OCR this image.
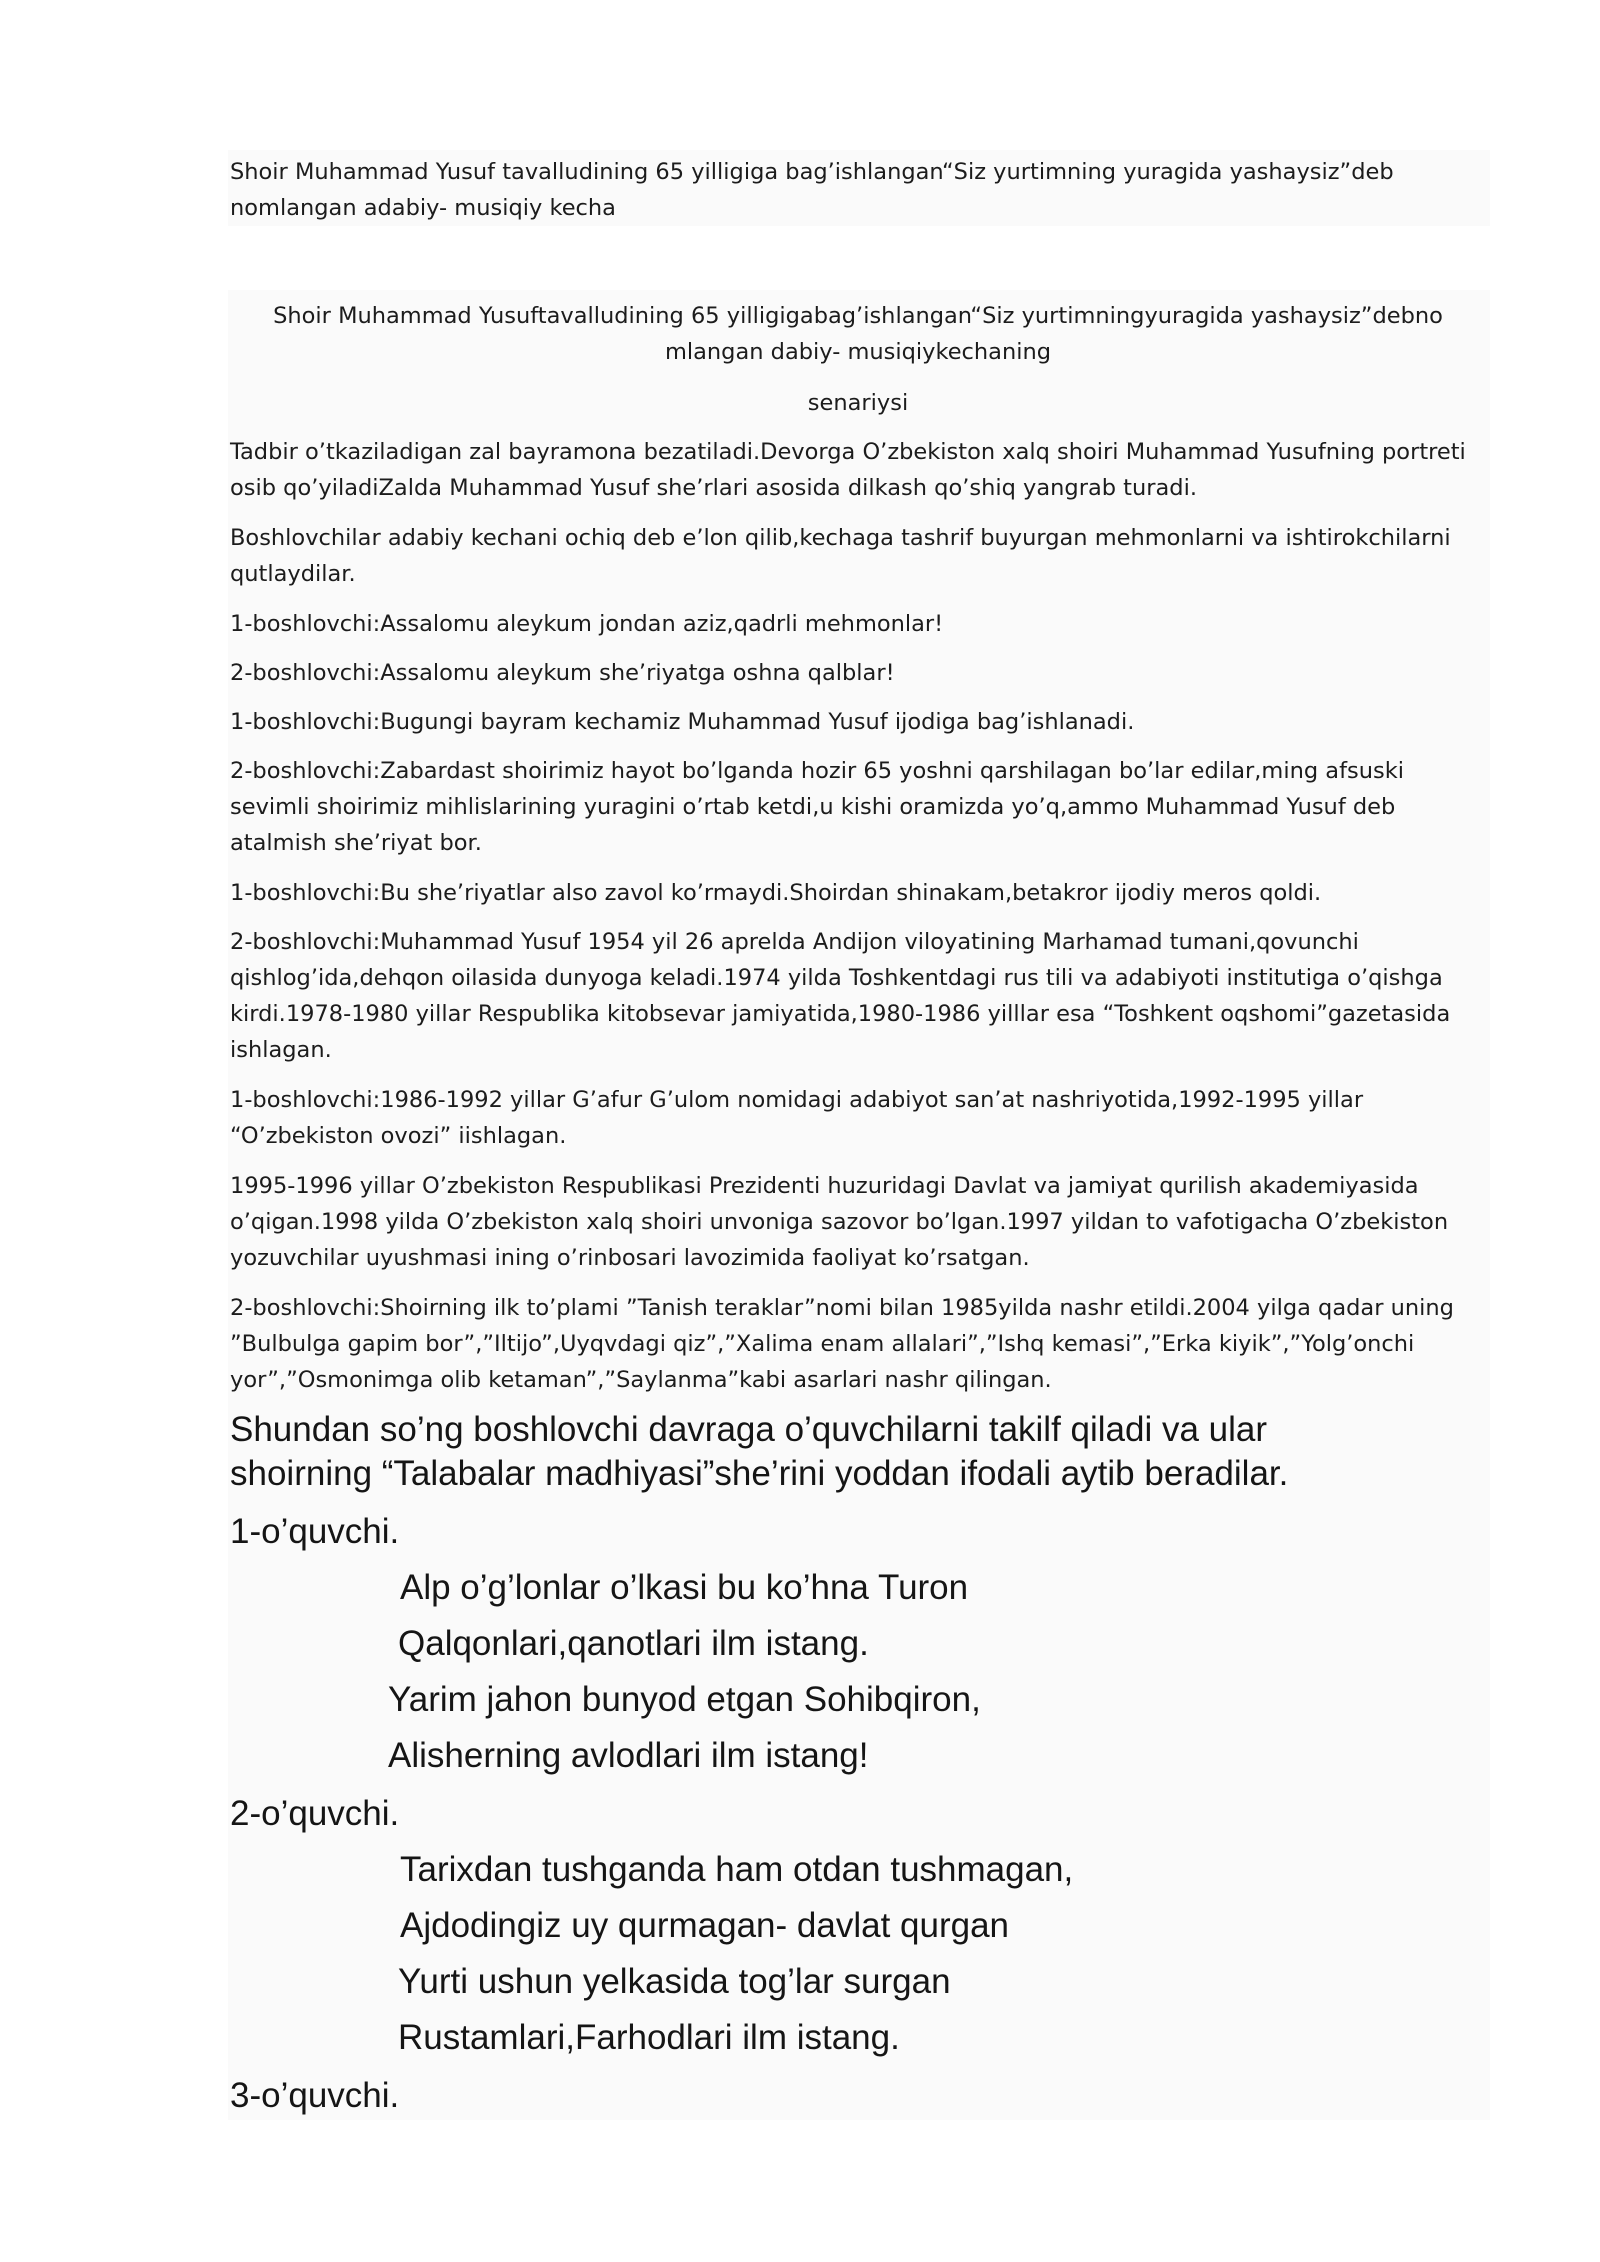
Shoir Muhammad Yusuf tavalludining 65 yilligiga bag’ishlangan“Siz yurtimning yuragida yashaysiz”deb nomlangan adabiy- musiqiy kecha

Shoir Muhammad Yusuftavalludining 65 yilligigabag’ishlangan“Siz yurtimningyuragida yashaysiz”debno mlangan dabiy- musiqiykechaning

senariysi

Tadbir o’tkaziladigan zal bayramona bezatiladi.Devorga O’zbekiston xalq shoiri Muhammad Yusufning portreti osib qo’yiladiZalda Muhammad Yusuf she’rlari asosida dilkash qo’shiq yangrab turadi.

Boshlovchilar adabiy kechani ochiq deb e’lon qilib,kechaga tashrif buyurgan mehmonlarni va ishtirokchilarni qutlaydilar.

1-boshlovchi:Assalomu aleykum jondan aziz,qadrli mehmonlar!

2-boshlovchi:Assalomu aleykum she’riyatga oshna qalblar!

1-boshlovchi:Bugungi bayram kechamiz Muhammad Yusuf ijodiga bag’ishlanadi.

2-boshlovchi:Zabardast shoirimiz hayot bo’lganda hozir 65 yoshni qarshilagan bo’lar edilar,ming afsuski sevimli shoirimiz mihlislarining yuragini o’rtab ketdi,u kishi oramizda yo’q,ammo Muhammad Yusuf deb atalmish she’riyat bor.

1-boshlovchi:Bu she’riyatlar also zavol ko’rmaydi.Shoirdan shinakam,betakror ijodiy meros qoldi.

2-boshlovchi:Muhammad Yusuf 1954 yil 26 aprelda Andijon viloyatining Marhamad tumani,qovunchi qishlog’ida,dehqon oilasida dunyoga keladi.1974 yilda Toshkentdagi rus tili va adabiyoti institutiga o’qishga kirdi.1978-1980 yillar Respublika kitobsevar jamiyatida,1980-1986 yilllar esa “Toshkent oqshomi”gazetasida ishlagan.

1-boshlovchi:1986-1992 yillar G’afur G’ulom nomidagi adabiyot san’at nashriyotida,1992-1995 yillar “O’zbekiston ovozi” iishlagan.

1995-1996 yillar O’zbekiston Respublikasi Prezidenti huzuridagi Davlat va jamiyat qurilish akademiyasida o’qigan.1998 yilda O’zbekiston xalq shoiri unvoniga sazovor bo’lgan.1997 yildan to vafotigacha O’zbekiston yozuvchilar uyushmasi ining o’rinbosari lavozimida faoliyat ko’rsatgan.

2-boshlovchi:Shoirning ilk to’plami ”Tanish teraklar”nomi bilan 1985yilda nashr etildi.2004 yilga qadar uning ”Bulbulga gapim bor”,”Iltijo”,Uyqvdagi qiz”,”Xalima enam allalari”,”Ishq kemasi”,”Erka kiyik”,”Yolg’onchi yor”,”Osmonimga olib ketaman”,”Saylanma”kabi asarlari nashr qilingan.

Shundan so’ng boshlovchi davraga o’quvchilarni takilf qiladi va ular

shoirning “Talabalar madhiyasi”she’rini yoddan ifodali aytib beradilar.

1-o’quvchi.

Alp o’g’lonlar o’lkasi bu ko’hna Turon

Qalqonlari,qanotlari ilm istang.

Yarim jahon bunyod etgan Sohibqiron,

Alisherning avlodlari ilm istang!

2-o’quvchi.

Tarixdan tushganda ham otdan tushmagan,

Ajdodingiz uy qurmagan- davlat qurgan

Yurti ushun yelkasida tog’lar surgan

Rustamlari,Farhodlari ilm istang.

3-o’quvchi.
